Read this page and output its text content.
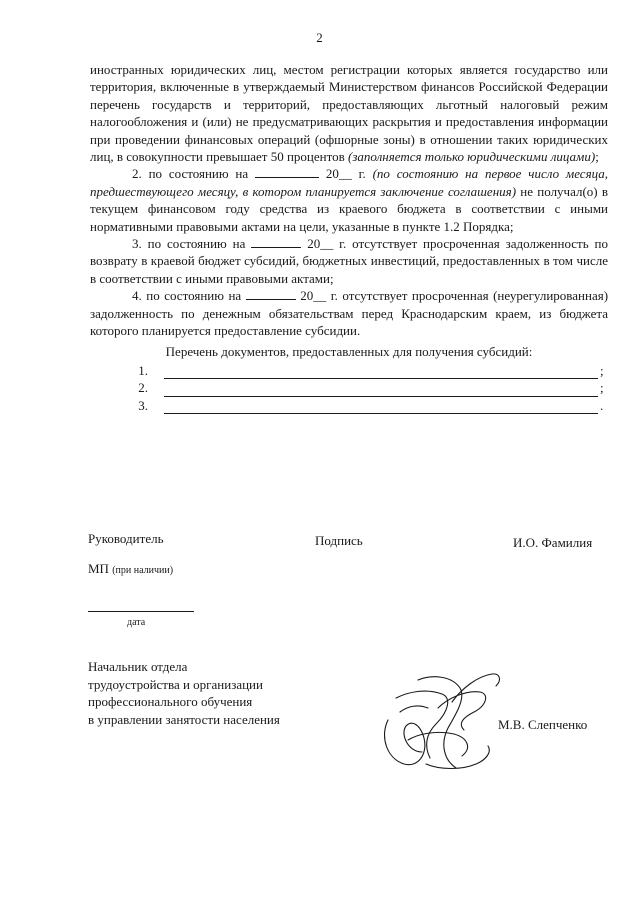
2

иностранных юридических лиц, местом регистрации которых является государство или территория, включенные в утверждаемый Министерством финансов Российской Федерации перечень государств и территорий, предоставляющих льготный налоговый режим налогообложения и (или) не предусматривающих раскрытия и предоставления информации при проведении финансовых операций (офшорные зоны) в отношении таких юридических лиц, в совокупности превышает 50 процентов (заполняется только юридическими лицами);

2. по состоянию на	20__ г. (по состоянию на первое число месяца, предшествующего месяцу, в котором планируется заключение соглашения) не получал(о) в текущем финансовом году средства из краевого бюджета в соответствии с иными нормативными правовыми актами на цели, указанные в пункте 1.2 Порядка;

3. по состоянию на	20__ г. отсутствует просроченная задолженность по возврату в краевой бюджет субсидий, бюджетных инвестиций, предоставленных в том числе в соответствии с иными правовыми актами;

4. по состоянию на	20__ г. отсутствует просроченная (неурегулированная) задолженность по денежным обязательствам перед Краснодарским краем, из бюджета которого планируется предоставление субсидии.

Перечень документов, предоставленных для получения субсидий:

1.	;
2.	;
3.	.
Руководитель	Подпись	И.О. Фамилия
МП (при наличии)
дата
Начальник отдела
трудоустройства и организации
профессионального обучения
в управлении занятости населения	М.В. Слепченко
